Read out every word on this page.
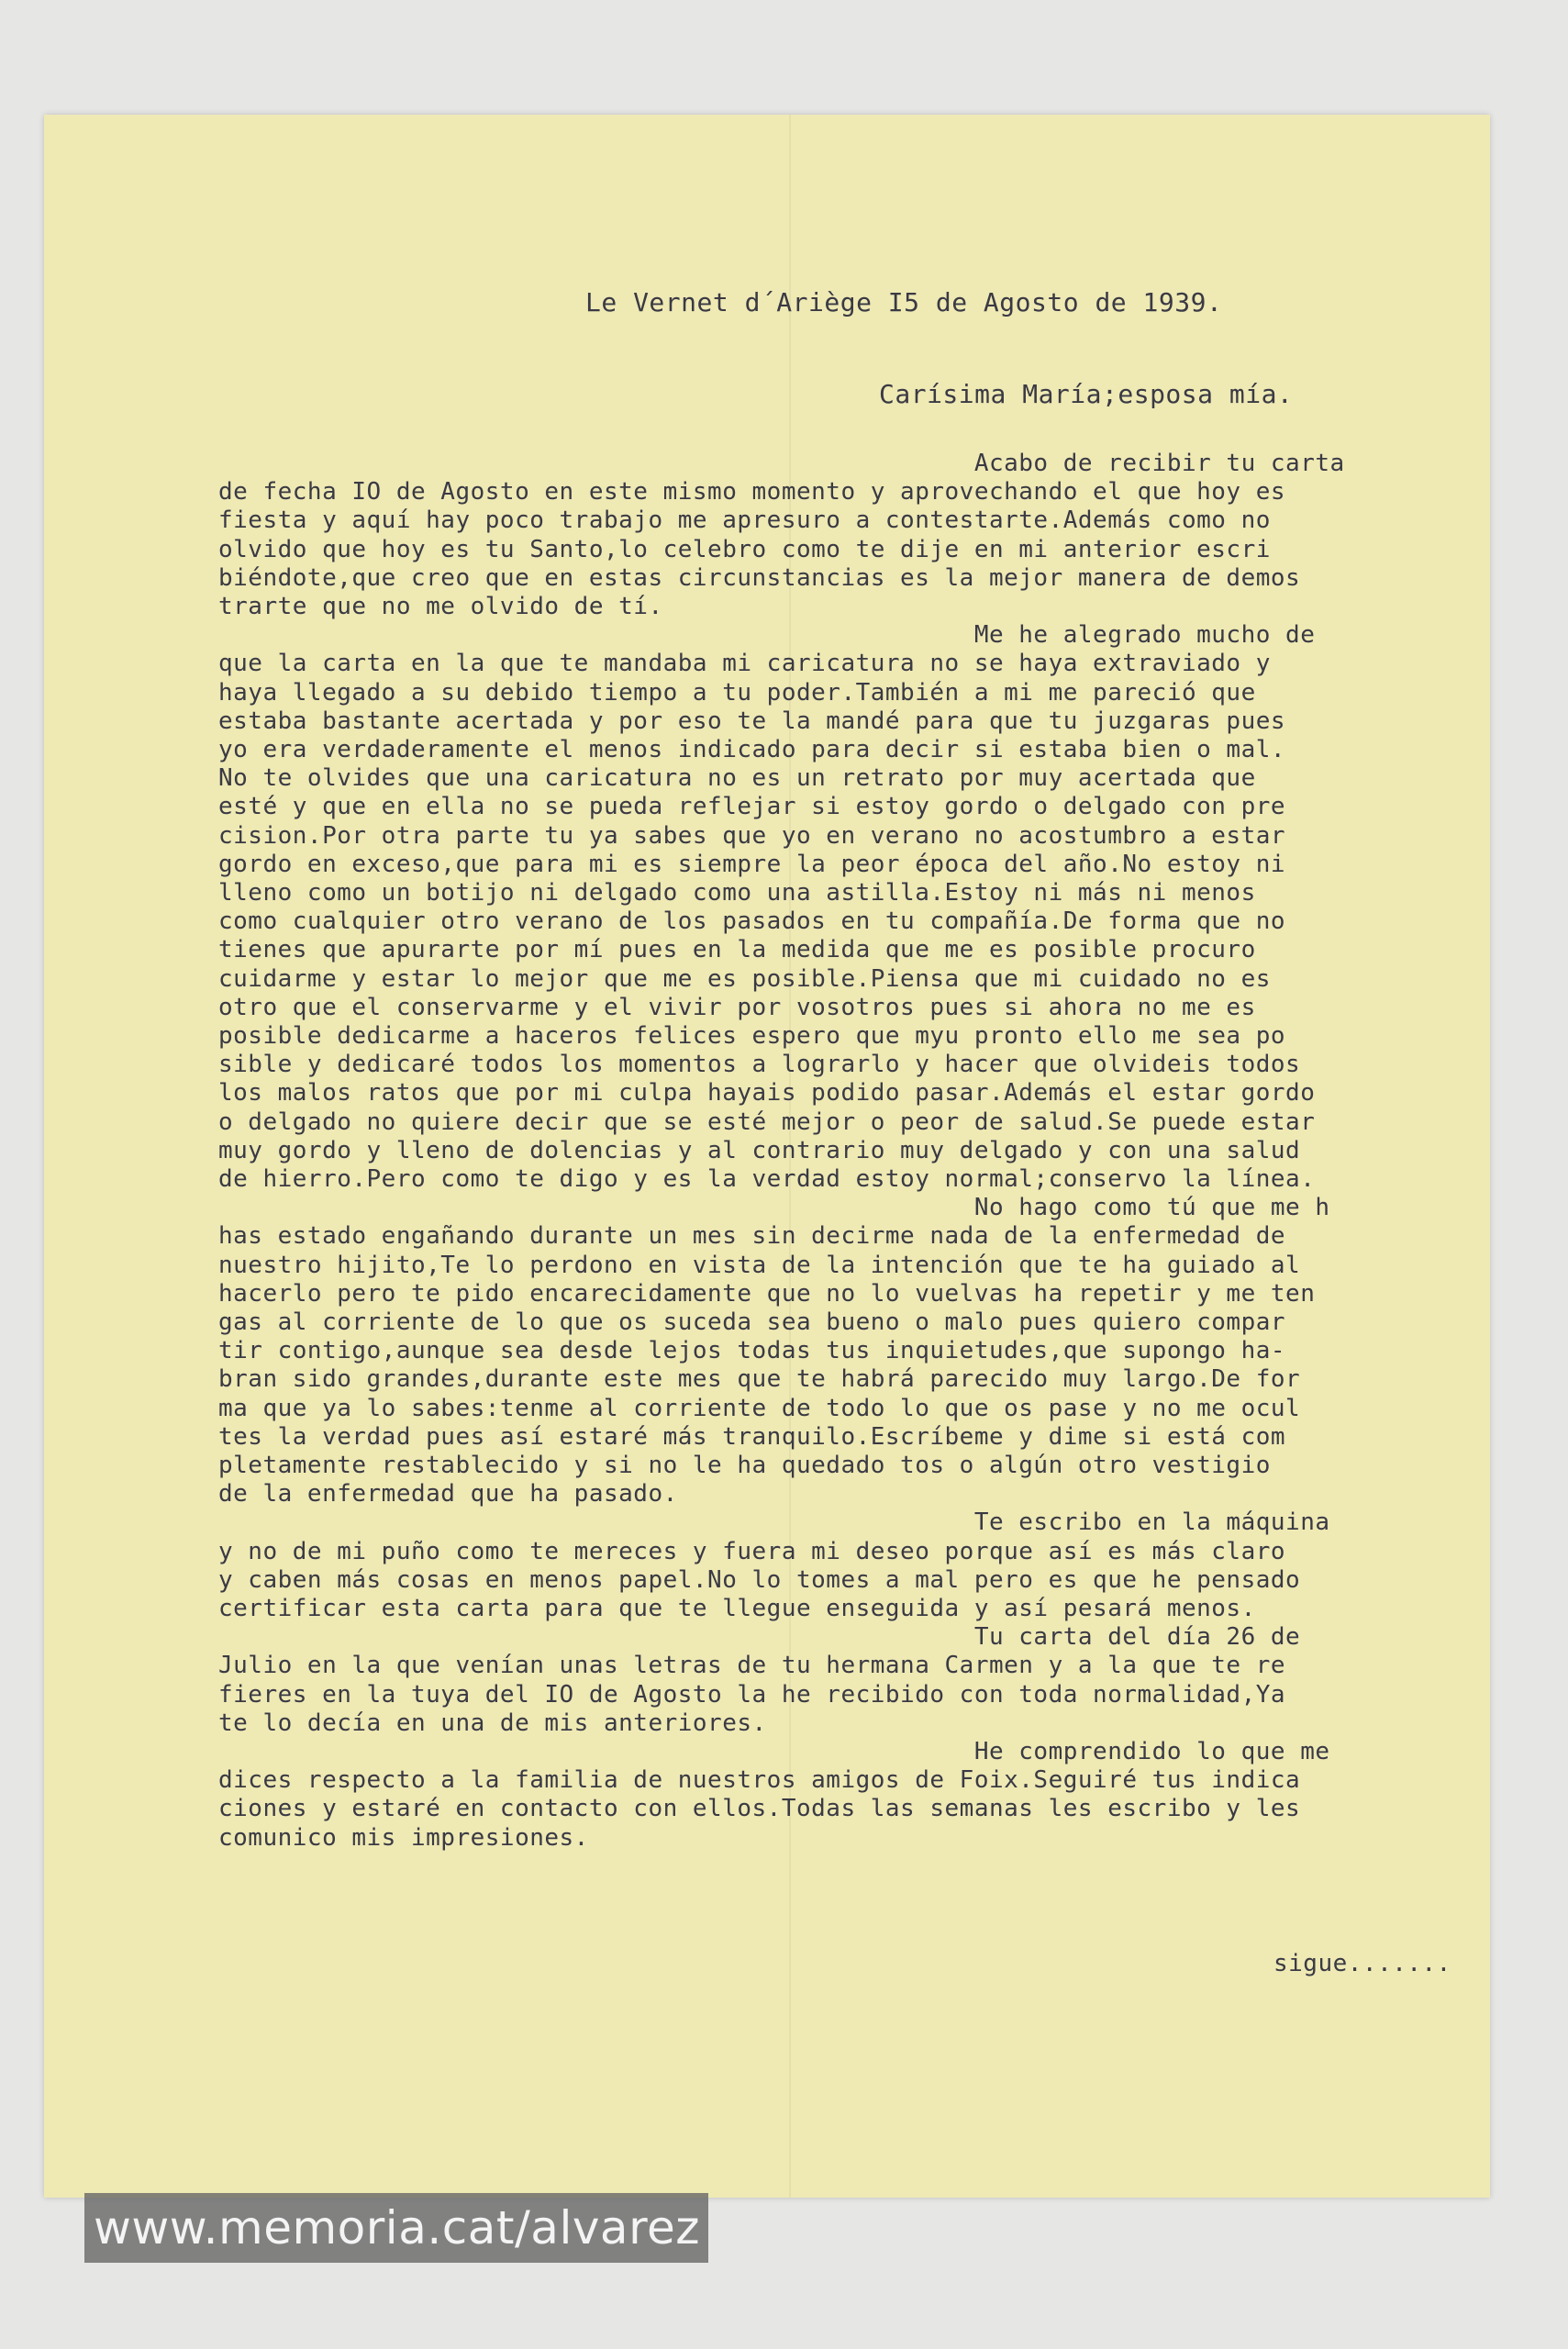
Le Vernet d´Ariège I5 de Agosto de 1939.
Carísima María;esposa mía.
Acabo de recibir tu carta
de fecha IO de Agosto en este mismo momento y aprovechando el que hoy es
fiesta y aquí hay poco trabajo me apresuro a contestarte.Además como no
olvido que hoy es tu Santo,lo celebro como te dije en mi anterior escri
biéndote,que creo que en estas circunstancias es la mejor manera de demos
trarte que no me olvido de tí.
Me he alegrado mucho de
que la carta en la que te mandaba mi caricatura no se haya extraviado y
haya llegado a su debido tiempo a tu poder.También a mi me pareció que
estaba bastante acertada y por eso te la mandé para que tu juzgaras pues
yo era verdaderamente el menos indicado para decir si estaba bien o mal.
No te olvides que una caricatura no es un retrato por muy acertada que
esté y que en ella no se pueda reflejar si estoy gordo o delgado con pre
cision.Por otra parte tu ya sabes que yo en verano no acostumbro a estar
gordo en exceso,que para mi es siempre la peor época del año.No estoy ni
lleno como un botijo ni delgado como una astilla.Estoy ni más ni menos
como cualquier otro verano de los pasados en tu compañía.De forma que no
tienes que apurarte por mí pues en la medida que me es posible procuro
cuidarme y estar lo mejor que me es posible.Piensa que mi cuidado no es
otro que el conservarme y el vivir por vosotros pues si ahora no me es
posible dedicarme a haceros felices espero que myu pronto ello me sea po
sible y dedicaré todos los momentos a lograrlo y hacer que olvideis todos
los malos ratos que por mi culpa hayais podido pasar.Además el estar gordo
o delgado no quiere decir que se esté mejor o peor de salud.Se puede estar
muy gordo y lleno de dolencias y al contrario muy delgado y con una salud
de hierro.Pero como te digo y es la verdad estoy normal;conservo la línea.
No hago como tú que me h
has estado engañando durante un mes sin decirme nada de la enfermedad de
nuestro hijito,Te lo perdono en vista de la intención que te ha guiado al
hacerlo pero te pido encarecidamente que no lo vuelvas ha repetir y me ten
gas al corriente de lo que os suceda sea bueno o malo pues quiero compar
tir contigo,aunque sea desde lejos todas tus inquietudes,que supongo ha-
bran sido grandes,durante este mes que te habrá parecido muy largo.De for
ma que ya lo sabes:tenme al corriente de todo lo que os pase y no me ocul
tes la verdad pues así estaré más tranquilo.Escríbeme y dime si está com
pletamente restablecido y si no le ha quedado tos o algún otro vestigio
de la enfermedad que ha pasado.
Te escribo en la máquina
y no de mi puño como te mereces y fuera mi deseo porque así es más claro
y caben más cosas en menos papel.No lo tomes a mal pero es que he pensado
certificar esta carta para que te llegue enseguida y así pesará menos.
Tu carta del día 26 de
Julio en la que venían unas letras de tu hermana Carmen y a la que te re
fieres en la tuya del IO de Agosto la he recibido con toda normalidad,Ya
te lo decía en una de mis anteriores.
He comprendido lo que me
dices respecto a la familia de nuestros amigos de Foix.Seguiré tus indica
ciones y estaré en contacto con ellos.Todas las semanas les escribo y les
comunico mis impresiones.
sigue.......
www.memoria.cat/alvarez
